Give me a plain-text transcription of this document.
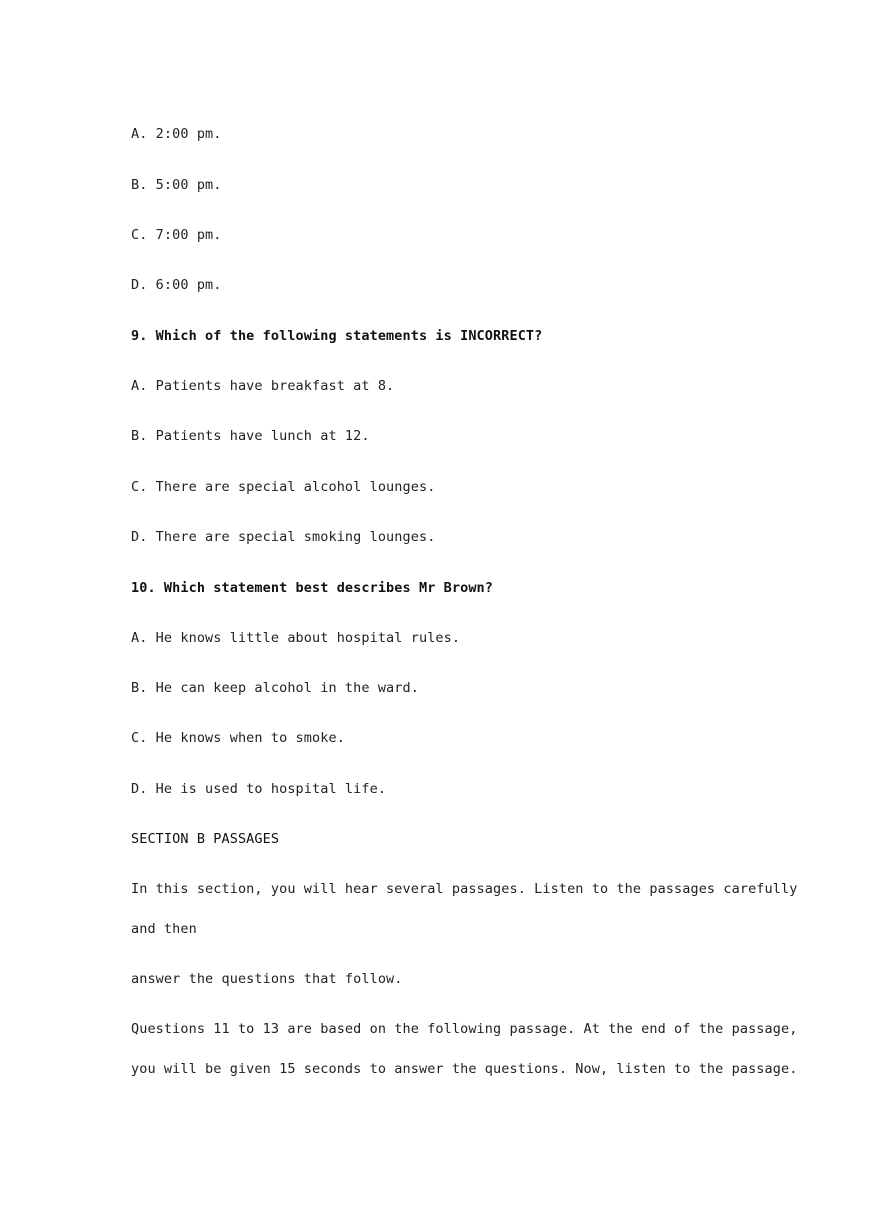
A. 2:00 pm.
B. 5:00 pm.
C. 7:00 pm.
D. 6:00 pm.
9. Which of the following statements is INCORRECT?
A. Patients have breakfast at 8.
B. Patients have lunch at 12.
C. There are special alcohol lounges.
D. There are special smoking lounges.
10. Which statement best describes Mr Brown?
A. He knows little about hospital rules.
B. He can keep alcohol in the ward.
C. He knows when to smoke.
D. He is used to hospital life.
SECTION B PASSAGES
In this section, you will hear several passages. Listen to the passages carefully
and then
answer the questions that follow.
Questions 11 to 13 are based on the following passage. At the end of the passage,
you will be given 15 seconds to answer the questions. Now, listen to the passage.
